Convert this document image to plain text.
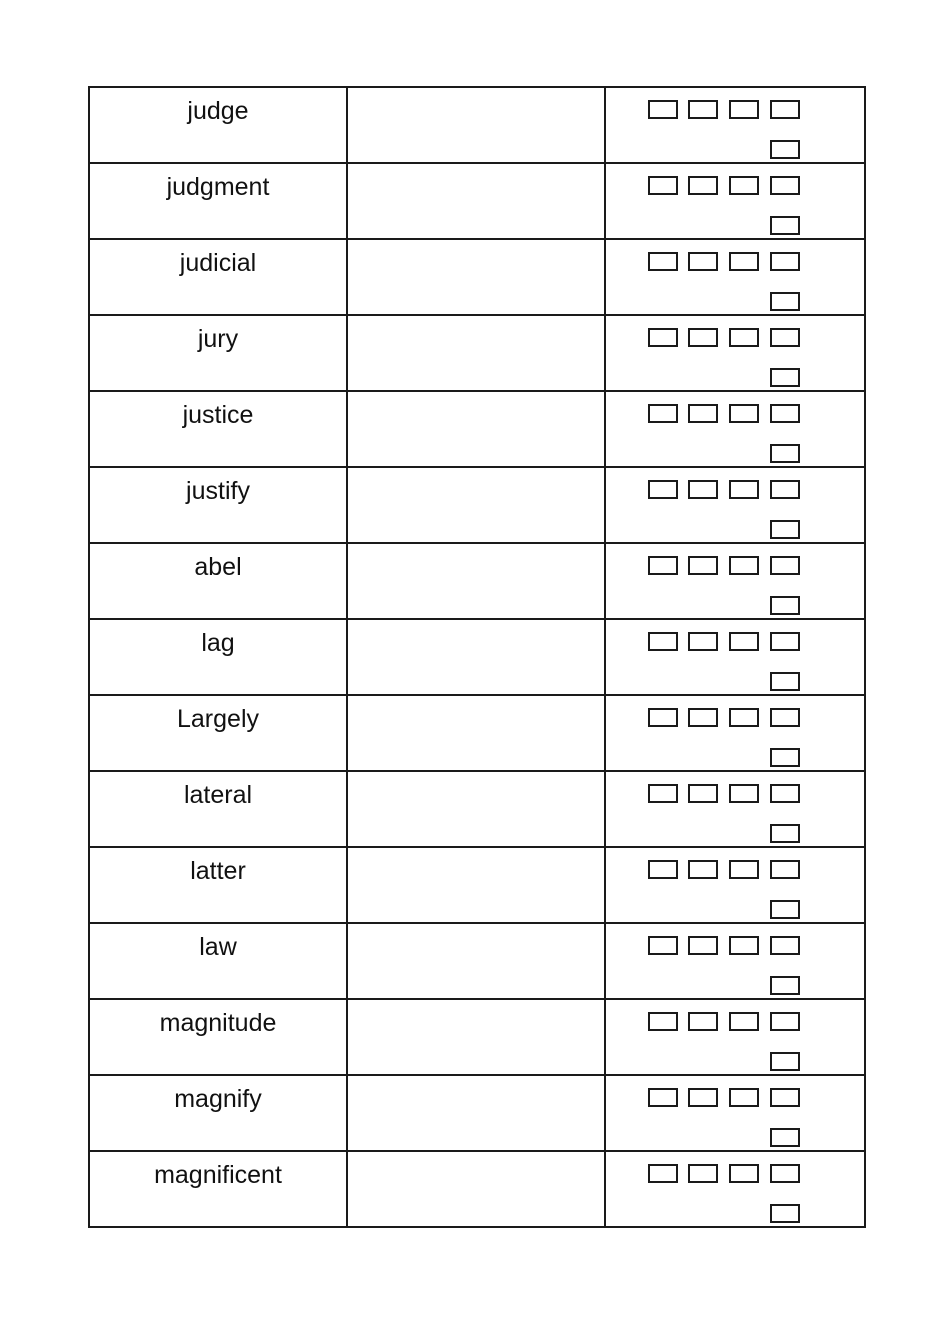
judge		

judgment		

judicial		

jury		

justice		

justify		

abel		

lag		

Largely		

lateral		

latter		

law		

magnitude		

magnify		

magnificent		
